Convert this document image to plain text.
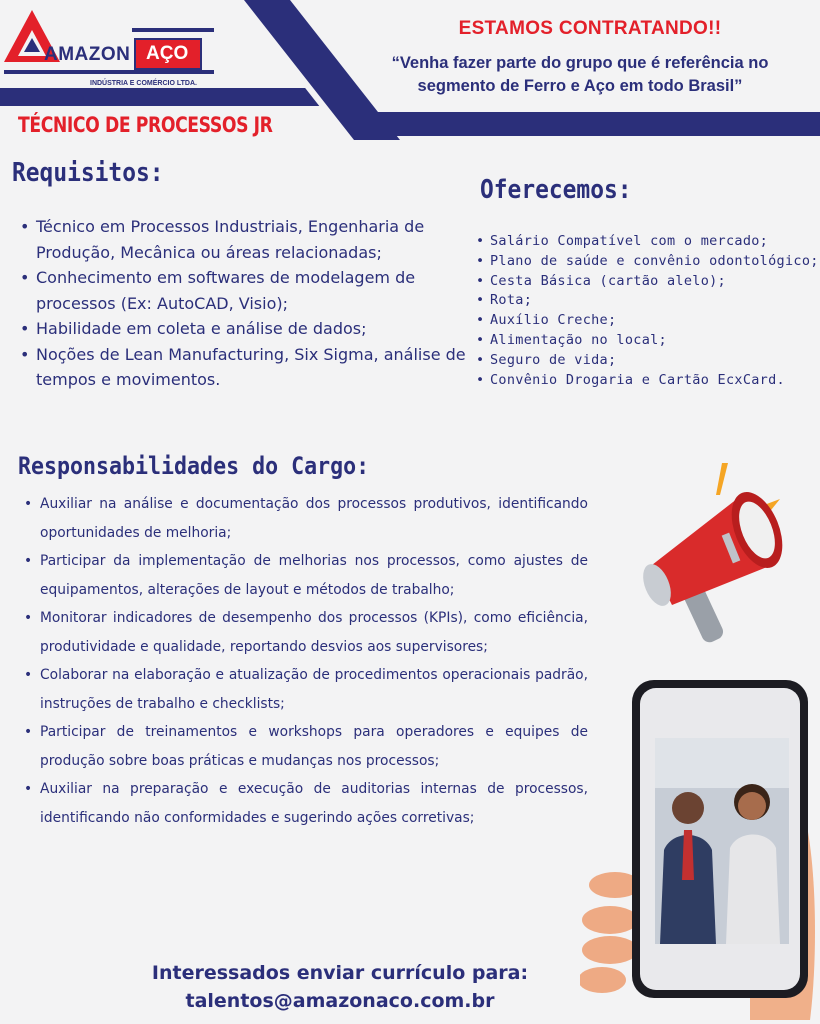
AMAZON AÇO
INDÚSTRIA E COMÉRCIO LTDA.
ESTAMOS CONTRATANDO!!
“Venha fazer parte do grupo que é referência no
segmento de Ferro e Aço em todo Brasil”
TÉCNICO DE PROCESSOS JR
Requisitos:
• Técnico em Processos Industriais, Engenharia de Produção, Mecânica ou áreas relacionadas;
• Conhecimento em softwares de modelagem de processos (Ex: AutoCAD, Visio);
• Habilidade em coleta e análise de dados;
• Noções de Lean Manufacturing, Six Sigma, análise de tempos e movimentos.
Oferecemos:
• Salário Compatível com o mercado;
• Plano de saúde e convênio odontológico;
• Cesta Básica (cartão alelo);
• Rota;
• Auxílio Creche;
• Alimentação no local;
• Seguro de vida;
• Convênio Drogaria e Cartão EcxCard.
Responsabilidades do Cargo:
• Auxiliar na análise e documentação dos processos produtivos, identificando oportunidades de melhoria;
• Participar da implementação de melhorias nos processos, como ajustes de equipamentos, alterações de layout e métodos de trabalho;
• Monitorar indicadores de desempenho dos processos (KPIs), como eficiência, produtividade e qualidade, reportando desvios aos supervisores;
• Colaborar na elaboração e atualização de procedimentos operacionais padrão, instruções de trabalho e checklists;
• Participar de treinamentos e workshops para operadores e equipes de produção sobre boas práticas e mudanças nos processos;
• Auxiliar na preparação e execução de auditorias internas de processos, identificando não conformidades e sugerindo ações corretivas;
Interessados enviar currículo para:
talentos@amazonaco.com.br
